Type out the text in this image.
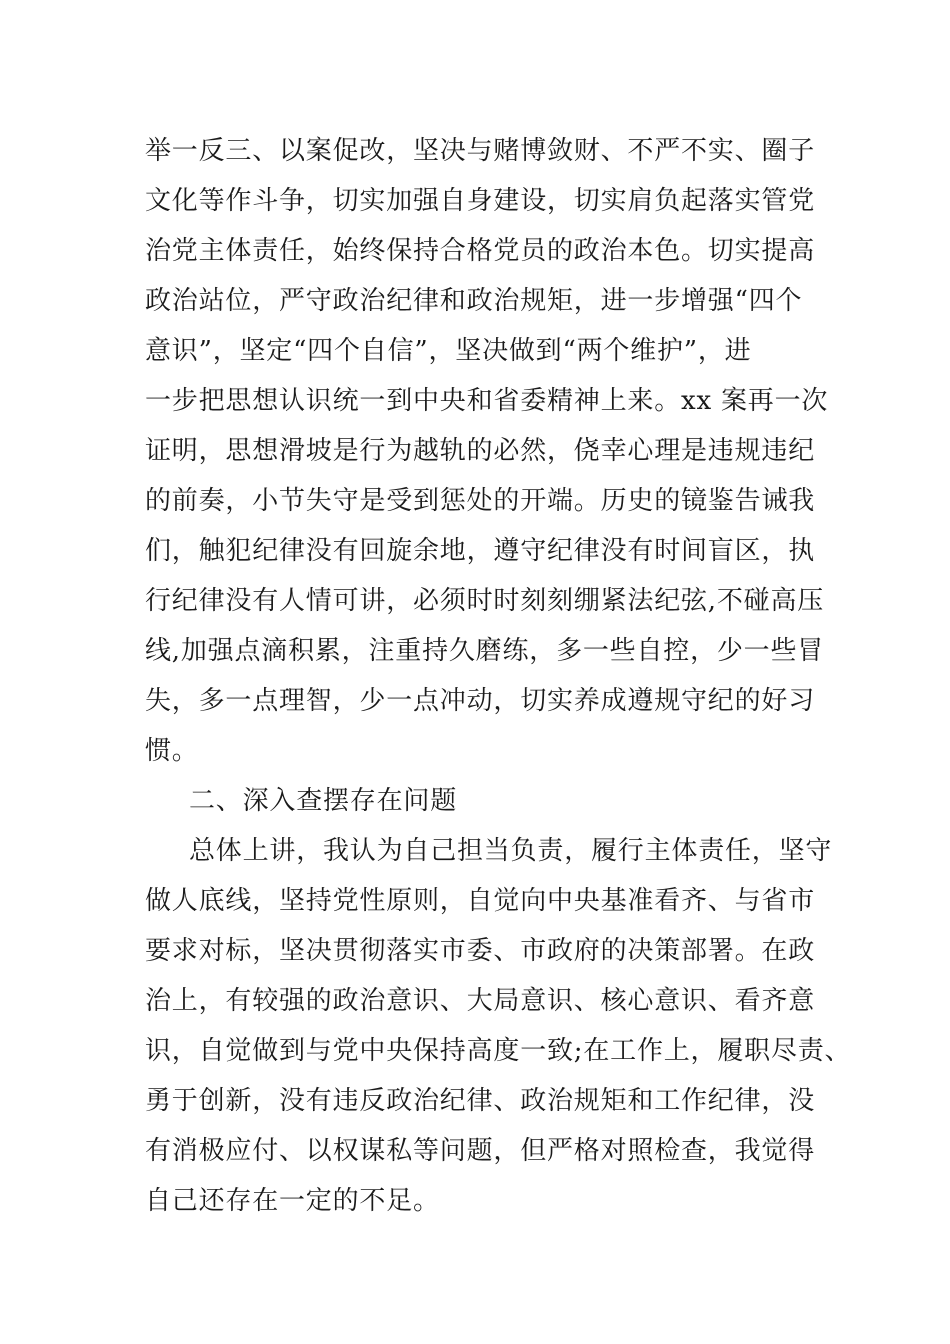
举一反三、以案促改，坚决与赌博敛财、不严不实、圈子
文化等作斗争，切实加强自身建设，切实肩负起落实管党
治党主体责任，始终保持合格党员的政治本色。切实提高
政治站位，严守政治纪律和政治规矩，进一步增强“四个
意识”，坚定“四个自信”，坚决做到“两个维护”，进
一步把思想认识统一到中央和省委精神上来。xx 案再一次
证明，思想滑坡是行为越轨的必然，侥幸心理是违规违纪
的前奏，小节失守是受到惩处的开端。历史的镜鉴告诫我
们，触犯纪律没有回旋余地，遵守纪律没有时间盲区，执
行纪律没有人情可讲，必须时时刻刻绷紧法纪弦,不碰高压
线,加强点滴积累，注重持久磨练，多一些自控，少一些冒
失，多一点理智，少一点冲动，切实养成遵规守纪的好习
惯。
二、深入查摆存在问题
总体上讲，我认为自己担当负责，履行主体责任，坚守
做人底线，坚持党性原则，自觉向中央基准看齐、与省市
要求对标，坚决贯彻落实市委、市政府的决策部署。在政
治上，有较强的政治意识、大局意识、核心意识、看齐意
识，自觉做到与党中央保持高度一致;在工作上，履职尽责、
勇于创新，没有违反政治纪律、政治规矩和工作纪律，没
有消极应付、以权谋私等问题，但严格对照检查，我觉得
自己还存在一定的不足。
